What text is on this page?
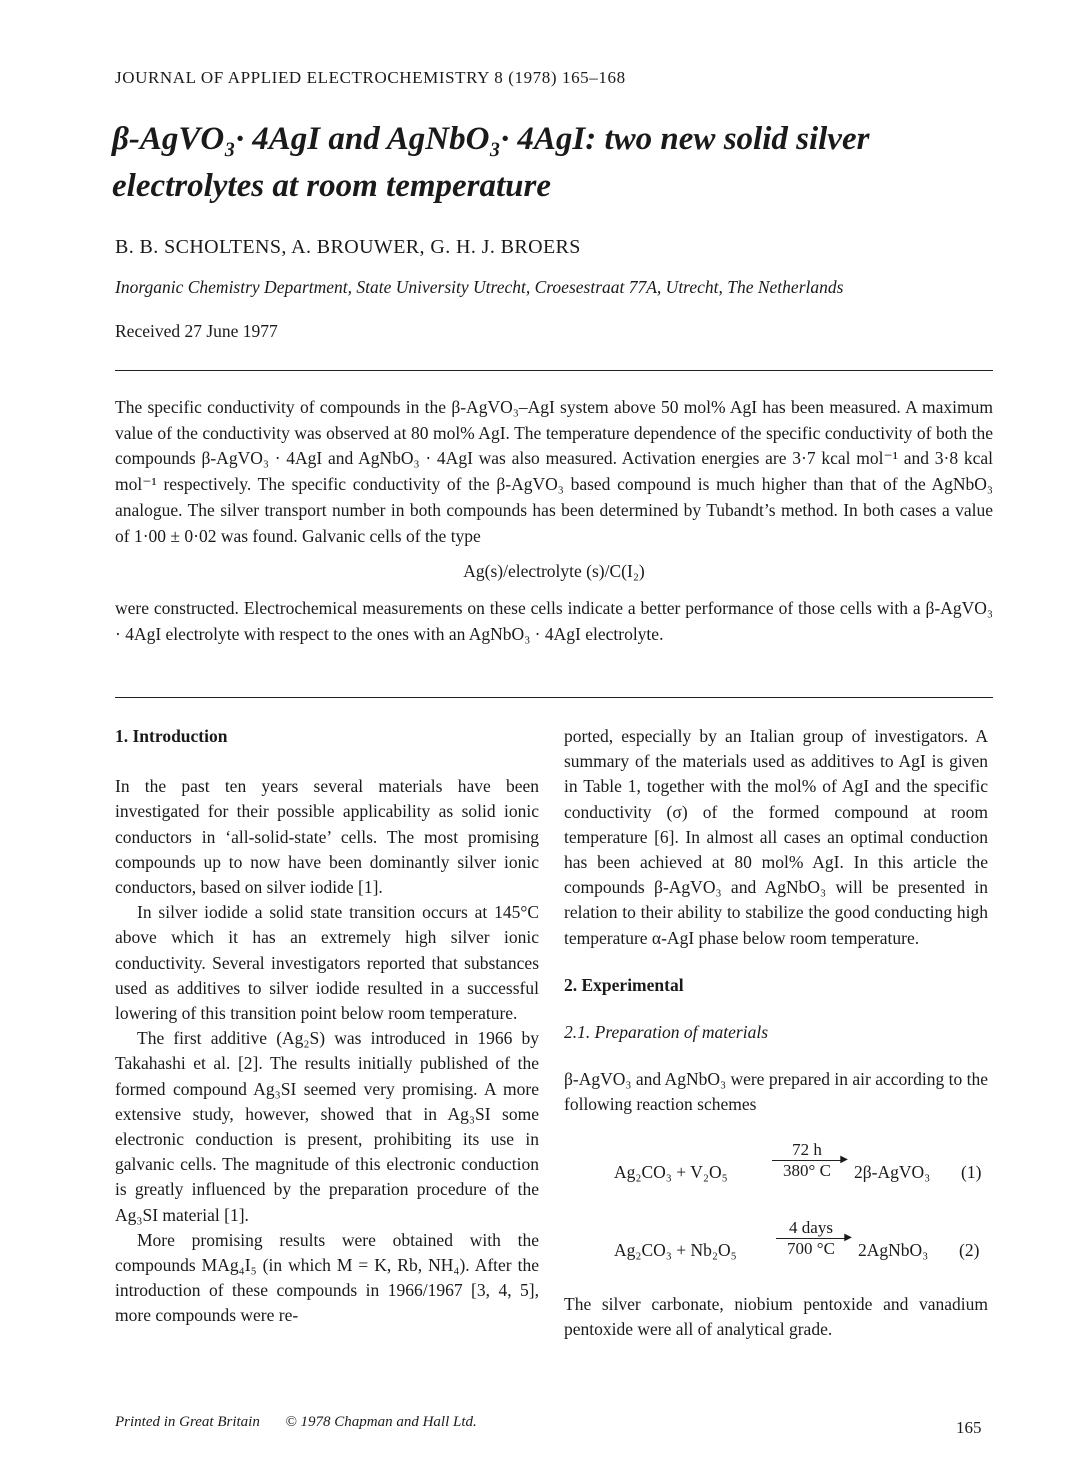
JOURNAL OF APPLIED ELECTROCHEMISTRY 8 (1978) 165–168
β-AgVO₃· 4AgI and AgNbO₃· 4AgI: two new solid silver
electrolytes at room temperature
B. B. SCHOLTENS, A. BROUWER, G. H. J. BROERS
Inorganic Chemistry Department, State University Utrecht, Croesestraat 77A, Utrecht, The Netherlands
Received 27 June 1977

The specific conductivity of compounds in the β-AgVO₃–AgI system above 50 mol% AgI has been measured. A maximum value of the conductivity was observed at 80 mol% AgI. The temperature dependence of the specific conductivity of both the compounds β-AgVO₃ · 4AgI and AgNbO₃ · 4AgI was also measured. Activation energies are 3·7 kcal mol⁻¹ and 3·8 kcal mol⁻¹ respectively. The specific conductivity of the β-AgVO₃ based compound is much higher than that of the AgNbO₃ analogue. The silver transport number in both compounds has been determined by Tubandt’s method. In both cases a value of 1·00 ± 0·02 was found. Galvanic cells of the type

Ag(s)/electrolyte (s)/C(I₂)

were constructed. Electrochemical measurements on these cells indicate a better performance of those cells with a β-AgVO₃ · 4AgI electrolyte with respect to the ones with an AgNbO₃ · 4AgI electrolyte.

1. Introduction

In the past ten years several materials have been investigated for their possible applicability as solid ionic conductors in ‘all-solid-state’ cells. The most promising compounds up to now have been dominantly silver ionic conductors, based on silver iodide [1].

In silver iodide a solid state transition occurs at 145°C above which it has an extremely high silver ionic conductivity. Several investigators reported that substances used as additives to silver iodide resulted in a successful lowering of this transition point below room temperature.

The first additive (Ag₂S) was introduced in 1966 by Takahashi et al. [2]. The results initially published of the formed compound Ag₃SI seemed very promising. A more extensive study, however, showed that in Ag₃SI some electronic conduction is present, prohibiting its use in galvanic cells. The magnitude of this electronic conduction is greatly influenced by the preparation procedure of the Ag₃SI material [1].

More promising results were obtained with the compounds MAg₄I₅ (in which M = K, Rb, NH₄). After the introduction of these compounds in 1966/1967 [3, 4, 5], more compounds were re-

ported, especially by an Italian group of investigators. A summary of the materials used as additives to AgI is given in Table 1, together with the mol% of AgI and the specific conductivity (σ) of the formed compound at room temperature [6]. In almost all cases an optimal conduction has been achieved at 80 mol% AgI. In this article the compounds β-AgVO₃ and AgNbO₃ will be presented in relation to their ability to stabilize the good conducting high temperature α-AgI phase below room temperature.

2. Experimental

2.1. Preparation of materials

β-AgVO₃ and AgNbO₃ were prepared in air according to the following reaction schemes

Ag₂CO₃ + V₂O₅
72 h
▶
380° C	2β-AgVO₃ (1)
Ag₂CO₃ + Nb₂O₅
4 days
▶
700 °C	2AgNbO₃ (2)

The silver carbonate, niobium pentoxide and vanadium pentoxide were all of analytical grade.

Printed in Great Britain © 1978 Chapman and Hall Ltd.	165
